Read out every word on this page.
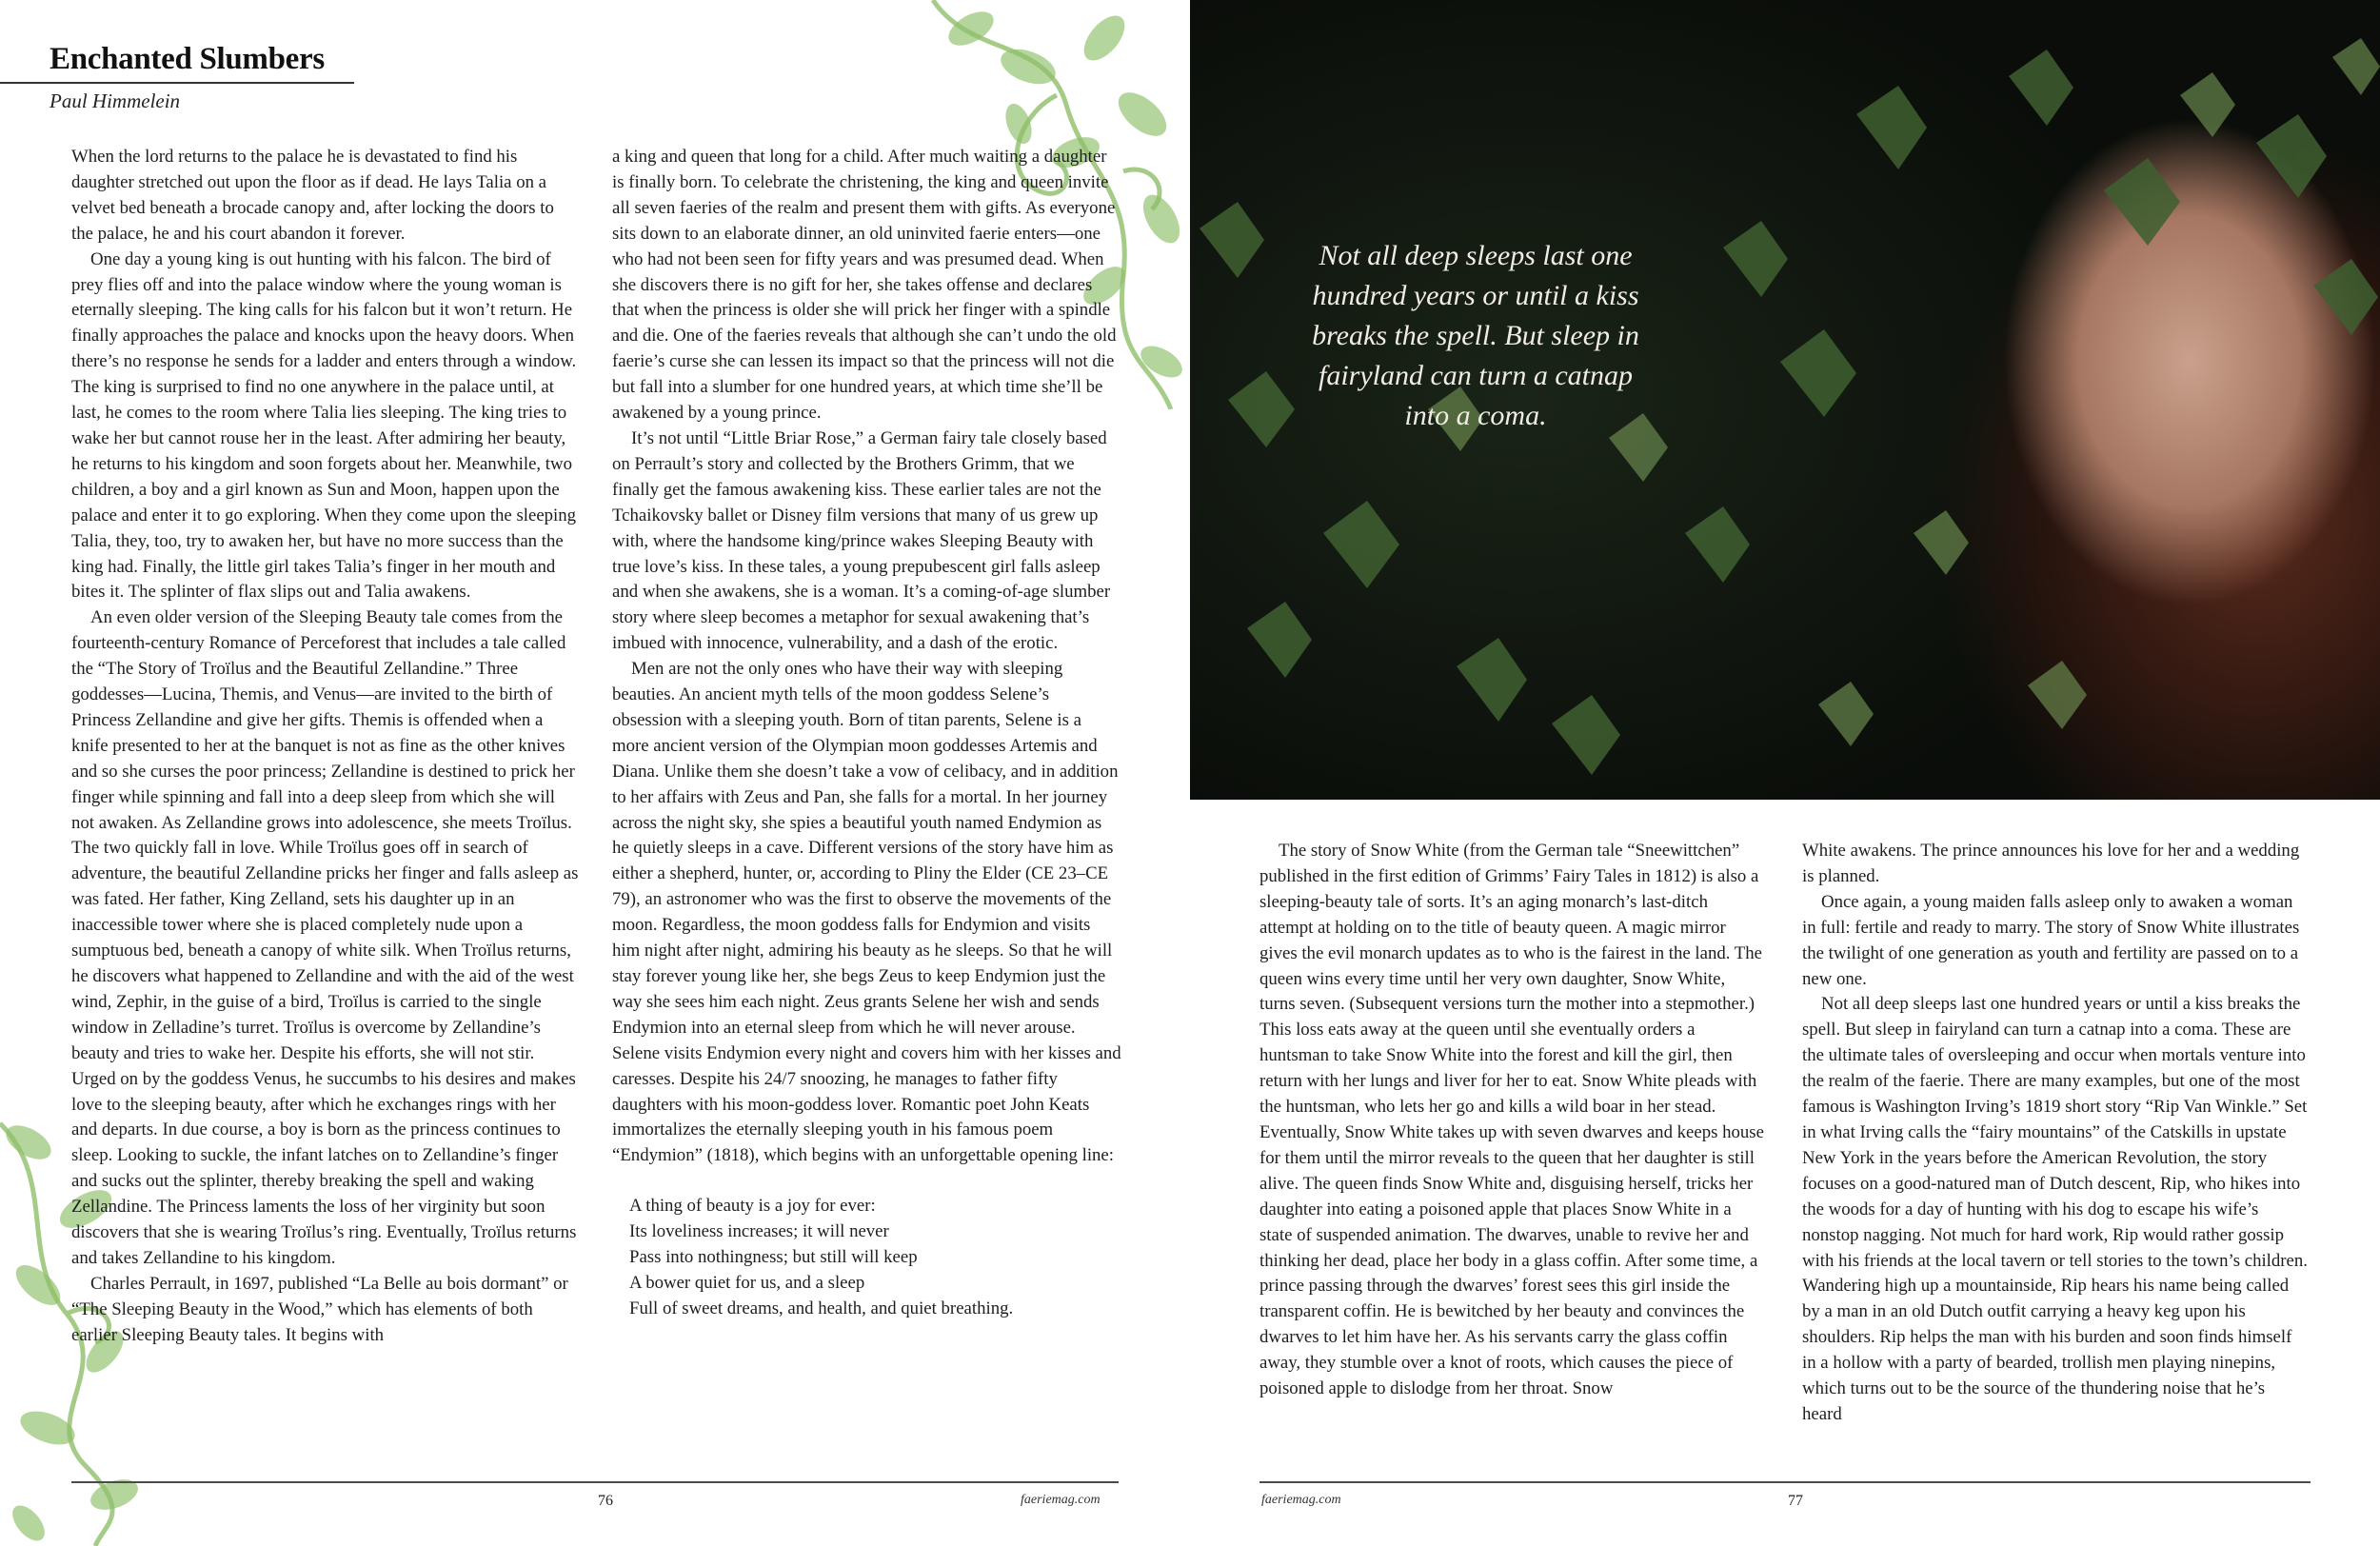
Enchanted Slumbers
Paul Himmelein

When the lord returns to the palace he is devastated to find his daughter stretched out upon the floor as if dead. He lays Talia on a velvet bed beneath a brocade canopy and, after locking the doors to the palace, he and his court abandon it forever.

One day a young king is out hunting with his falcon. The bird of prey flies off and into the palace window where the young woman is eternally sleeping. The king calls for his falcon but it won’t return. He finally approaches the palace and knocks upon the heavy doors. When there’s no response he sends for a ladder and enters through a window. The king is surprised to find no one anywhere in the palace until, at last, he comes to the room where Talia lies sleeping. The king tries to wake her but cannot rouse her in the least. After admiring her beauty, he returns to his kingdom and soon forgets about her. Meanwhile, two children, a boy and a girl known as Sun and Moon, happen upon the palace and enter it to go exploring. When they come upon the sleeping Talia, they, too, try to awaken her, but have no more success than the king had. Finally, the little girl takes Talia’s finger in her mouth and bites it. The splinter of flax slips out and Talia awakens.

An even older version of the Sleeping Beauty tale comes from the fourteenth-century Romance of Perceforest that includes a tale called the “The Story of Troïlus and the Beautiful Zellandine.” Three goddesses—Lucina, Themis, and Venus—are invited to the birth of Princess Zellandine and give her gifts. Themis is offended when a knife presented to her at the banquet is not as fine as the other knives and so she curses the poor princess; Zellandine is destined to prick her finger while spinning and fall into a deep sleep from which she will not awaken. As Zellandine grows into adolescence, she meets Troïlus. The two quickly fall in love. While Troïlus goes off in search of adventure, the beautiful Zellandine pricks her finger and falls asleep as was fated. Her father, King Zelland, sets his daughter up in an inaccessible tower where she is placed completely nude upon a sumptuous bed, beneath a canopy of white silk. When Troïlus returns, he discovers what happened to Zellandine and with the aid of the west wind, Zephir, in the guise of a bird, Troïlus is carried to the single window in Zelladine’s turret. Troïlus is overcome by Zellandine’s beauty and tries to wake her. Despite his efforts, she will not stir. Urged on by the goddess Venus, he succumbs to his desires and makes love to the sleeping beauty, after which he exchanges rings with her and departs. In due course, a boy is born as the princess continues to sleep. Looking to suckle, the infant latches on to Zellandine’s finger and sucks out the splinter, thereby breaking the spell and waking Zellandine. The Princess laments the loss of her virginity but soon discovers that she is wearing Troïlus’s ring. Eventually, Troïlus returns and takes Zellandine to his kingdom.

Charles Perrault, in 1697, published “La Belle au bois dormant” or “The Sleeping Beauty in the Wood,” which has elements of both earlier Sleeping Beauty tales. It begins with

a king and queen that long for a child. After much waiting a daughter is finally born. To celebrate the christening, the king and queen invite all seven faeries of the realm and present them with gifts. As everyone sits down to an elaborate dinner, an old uninvited faerie enters—one who had not been seen for fifty years and was presumed dead. When she discovers there is no gift for her, she takes offense and declares that when the princess is older she will prick her finger with a spindle and die. One of the faeries reveals that although she can’t undo the old faerie’s curse she can lessen its impact so that the princess will not die but fall into a slumber for one hundred years, at which time she’ll be awakened by a young prince.

It’s not until “Little Briar Rose,” a German fairy tale closely based on Perrault’s story and collected by the Brothers Grimm, that we finally get the famous awakening kiss. These earlier tales are not the Tchaikovsky ballet or Disney film versions that many of us grew up with, where the handsome king/prince wakes Sleeping Beauty with true love’s kiss. In these tales, a young prepubescent girl falls asleep and when she awakens, she is a woman. It’s a coming-of-age slumber story where sleep becomes a metaphor for sexual awakening that’s imbued with innocence, vulnerability, and a dash of the erotic.

Men are not the only ones who have their way with sleeping beauties. An ancient myth tells of the moon goddess Selene’s obsession with a sleeping youth. Born of titan parents, Selene is a more ancient version of the Olympian moon goddesses Artemis and Diana. Unlike them she doesn’t take a vow of celibacy, and in addition to her affairs with Zeus and Pan, she falls for a mortal. In her journey across the night sky, she spies a beautiful youth named Endymion as he quietly sleeps in a cave. Different versions of the story have him as either a shepherd, hunter, or, according to Pliny the Elder (CE 23–CE 79), an astronomer who was the first to observe the movements of the moon. Regardless, the moon goddess falls for Endymion and visits him night after night, admiring his beauty as he sleeps. So that he will stay forever young like her, she begs Zeus to keep Endymion just the way she sees him each night. Zeus grants Selene her wish and sends Endymion into an eternal sleep from which he will never arouse. Selene visits Endymion every night and covers him with her kisses and caresses. Despite his 24/7 snoozing, he manages to father fifty daughters with his moon-goddess lover. Romantic poet John Keats immortalizes the eternally sleeping youth in his famous poem “Endymion” (1818), which begins with an unforgettable opening line:

A thing of beauty is a joy for ever:
Its loveliness increases; it will never
Pass into nothingness; but still will keep
A bower quiet for us, and a sleep
Full of sweet dreams, and health, and quiet breathing.
76	faeriemag.com
Not all deep sleeps last one hundred years or until a kiss breaks the spell. But sleep in fairyland can turn a catnap into a coma.

The story of Snow White (from the German tale “Sneewittchen” published in the first edition of Grimms’ Fairy Tales in 1812) is also a sleeping-beauty tale of sorts. It’s an aging monarch’s last-ditch attempt at holding on to the title of beauty queen. A magic mirror gives the evil monarch updates as to who is the fairest in the land. The queen wins every time until her very own daughter, Snow White, turns seven. (Subsequent versions turn the mother into a stepmother.) This loss eats away at the queen until she eventually orders a huntsman to take Snow White into the forest and kill the girl, then return with her lungs and liver for her to eat. Snow White pleads with the huntsman, who lets her go and kills a wild boar in her stead. Eventually, Snow White takes up with seven dwarves and keeps house for them until the mirror reveals to the queen that her daughter is still alive. The queen finds Snow White and, disguising herself, tricks her daughter into eating a poisoned apple that places Snow White in a state of suspended animation. The dwarves, unable to revive her and thinking her dead, place her body in a glass coffin. After some time, a prince passing through the dwarves’ forest sees this girl inside the transparent coffin. He is bewitched by her beauty and convinces the dwarves to let him have her. As his servants carry the glass coffin away, they stumble over a knot of roots, which causes the piece of poisoned apple to dislodge from her throat. Snow

White awakens. The prince announces his love for her and a wedding is planned.

Once again, a young maiden falls asleep only to awaken a woman in full: fertile and ready to marry. The story of Snow White illustrates the twilight of one generation as youth and fertility are passed on to a new one.

Not all deep sleeps last one hundred years or until a kiss breaks the spell. But sleep in fairyland can turn a catnap into a coma. These are the ultimate tales of oversleeping and occur when mortals venture into the realm of the faerie. There are many examples, but one of the most famous is Washington Irving’s 1819 short story “Rip Van Winkle.” Set in what Irving calls the “fairy mountains” of the Catskills in upstate New York in the years before the American Revolution, the story focuses on a good-natured man of Dutch descent, Rip, who hikes into the woods for a day of hunting with his dog to escape his wife’s nonstop nagging. Not much for hard work, Rip would rather gossip with his friends at the local tavern or tell stories to the town’s children. Wandering high up a mountainside, Rip hears his name being called by a man in an old Dutch outfit carrying a heavy keg upon his shoulders. Rip helps the man with his burden and soon finds himself in a hollow with a party of bearded, trollish men playing ninepins, which turns out to be the source of the thundering noise that he’s heard

faeriemag.com	77
